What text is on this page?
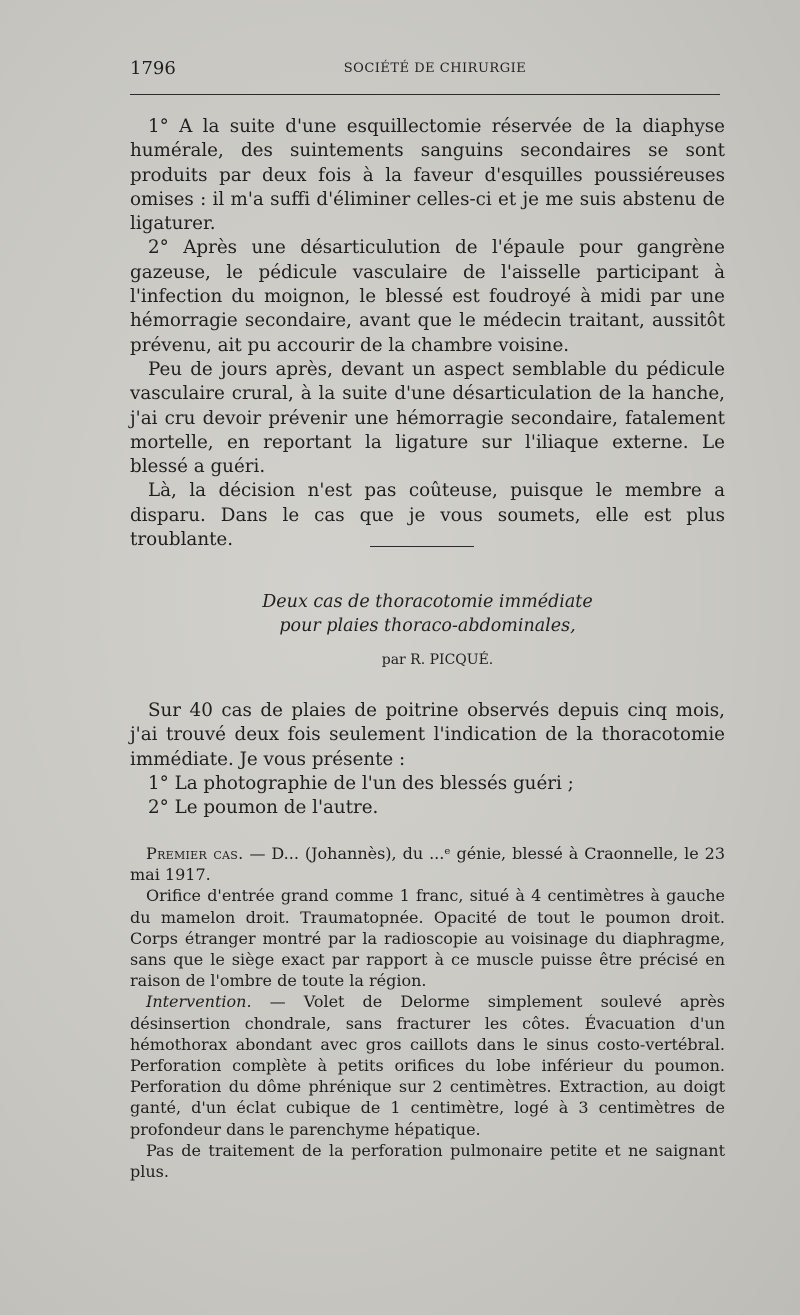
1796	SOCIÉTÉ DE CHIRURGIE

1° A la suite d'une esquillectomie réservée de la diaphyse humérale, des suintements sanguins secondaires se sont produits par deux fois à la faveur d'esquilles poussiéreuses omises : il m'a suffi d'éliminer celles-ci et je me suis abstenu de ligaturer.

2° Après une désarticulution de l'épaule pour gangrène gazeuse, le pédicule vasculaire de l'aisselle participant à l'infection du moignon, le blessé est foudroyé à midi par une hémorragie secondaire, avant que le médecin traitant, aussitôt prévenu, ait pu accourir de la chambre voisine.

Peu de jours après, devant un aspect semblable du pédicule vasculaire crural, à la suite d'une désarticulation de la hanche, j'ai cru devoir prévenir une hémorragie secondaire, fatalement mortelle, en reportant la ligature sur l'iliaque externe. Le blessé a guéri.

Là, la décision n'est pas coûteuse, puisque le membre a disparu. Dans le cas que je vous soumets, elle est plus troublante.

Deux cas de thoracotomie immédiate
pour plaies thoraco-abdominales,
par R. PICQUÉ.

Sur 40 cas de plaies de poitrine observés depuis cinq mois, j'ai trouvé deux fois seulement l'indication de la thoracotomie immédiate. Je vous présente :

1° La photographie de l'un des blessés guéri ;

2° Le poumon de l'autre.

Premier cas. — D... (Johannès), du ...ᵉ génie, blessé à Craonnelle, le 23 mai 1917.

Orifice d'entrée grand comme 1 franc, situé à 4 centimètres à gauche du mamelon droit. Traumatopnée. Opacité de tout le poumon droit. Corps étranger montré par la radioscopie au voisinage du diaphragme, sans que le siège exact par rapport à ce muscle puisse être précisé en raison de l'ombre de toute la région.

Intervention. — Volet de Delorme simplement soulevé après désinsertion chondrale, sans fracturer les côtes. Évacuation d'un hémothorax abondant avec gros caillots dans le sinus costo-vertébral. Perforation complète à petits orifices du lobe inférieur du poumon. Perforation du dôme phrénique sur 2 centimètres. Extraction, au doigt ganté, d'un éclat cubique de 1 centimètre, logé à 3 centimètres de profondeur dans le parenchyme hépatique.

Pas de traitement de la perforation pulmonaire petite et ne saignant plus.
